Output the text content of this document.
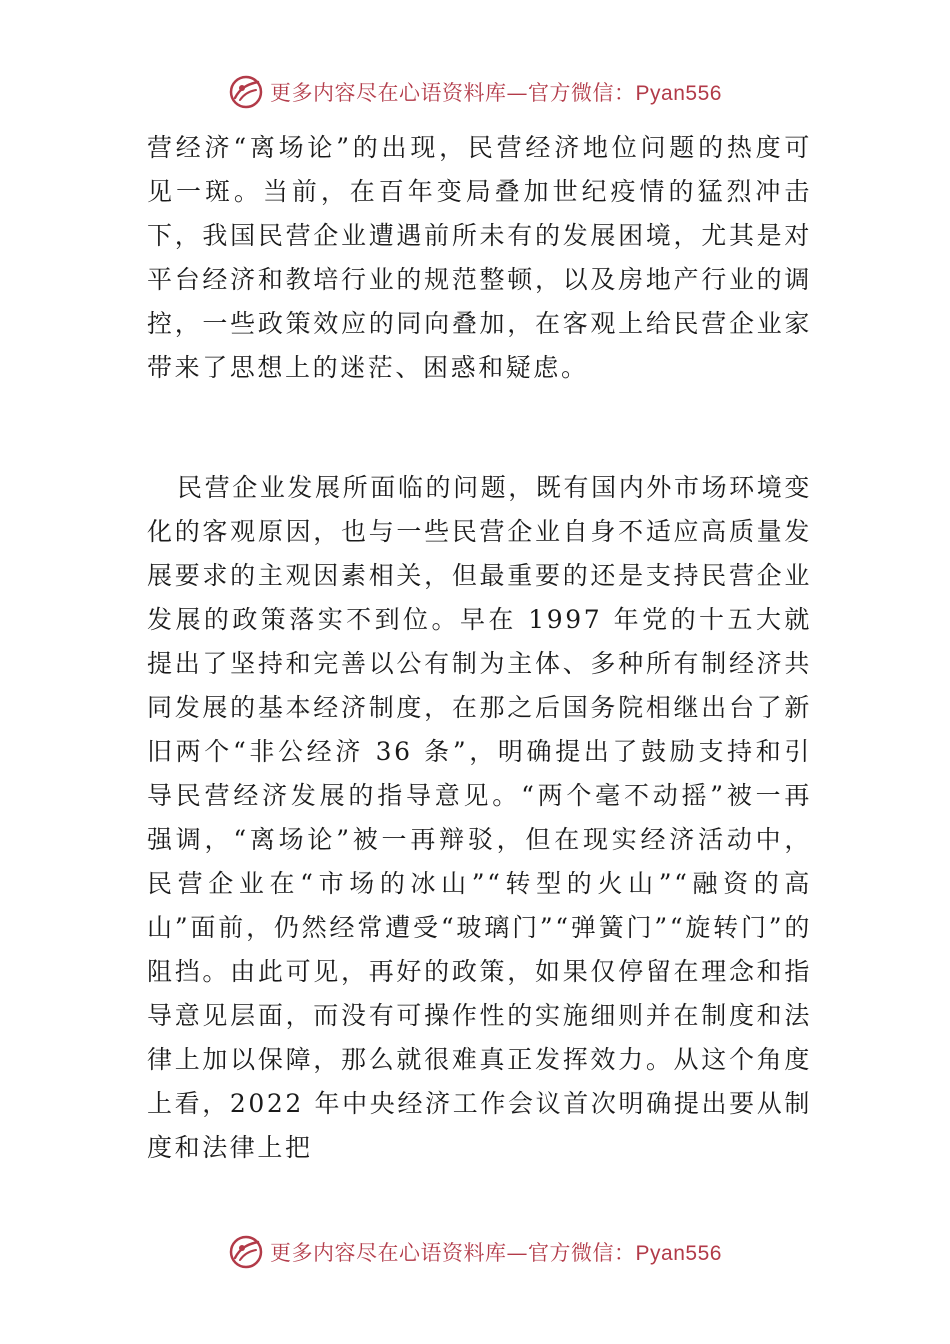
更多内容尽在心语资料库—官方微信：Pyan556

营经济“离场论”的出现，民营经济地位问题的热度可见一斑。当前，在百年变局叠加世纪疫情的猛烈冲击下，我国民营企业遭遇前所未有的发展困境，尤其是对平台经济和教培行业的规范整顿，以及房地产行业的调控，一些政策效应的同向叠加，在客观上给民营企业家带来了思想上的迷茫、困惑和疑虑。

民营企业发展所面临的问题，既有国内外市场环境变化的客观原因，也与一些民营企业自身不适应高质量发展要求的主观因素相关，但最重要的还是支持民营企业发展的政策落实不到位。早在 1997 年党的十五大就提出了坚持和完善以公有制为主体、多种所有制经济共同发展的基本经济制度，在那之后国务院相继出台了新旧两个“非公经济 36 条”，明确提出了鼓励支持和引导民营经济发展的指导意见。“两个毫不动摇”被一再强调，“离场论”被一再辩驳，但在现实经济活动中，民营企业在“市场的冰山”“转型的火山”“融资的高山”面前，仍然经常遭受“玻璃门”“弹簧门”“旋转门”的阻挡。由此可见，再好的政策，如果仅停留在理念和指导意见层面，而没有可操作性的实施细则并在制度和法律上加以保障，那么就很难真正发挥效力。从这个角度上看，2022 年中央经济工作会议首次明确提出要从制度和法律上把

更多内容尽在心语资料库—官方微信：Pyan556
